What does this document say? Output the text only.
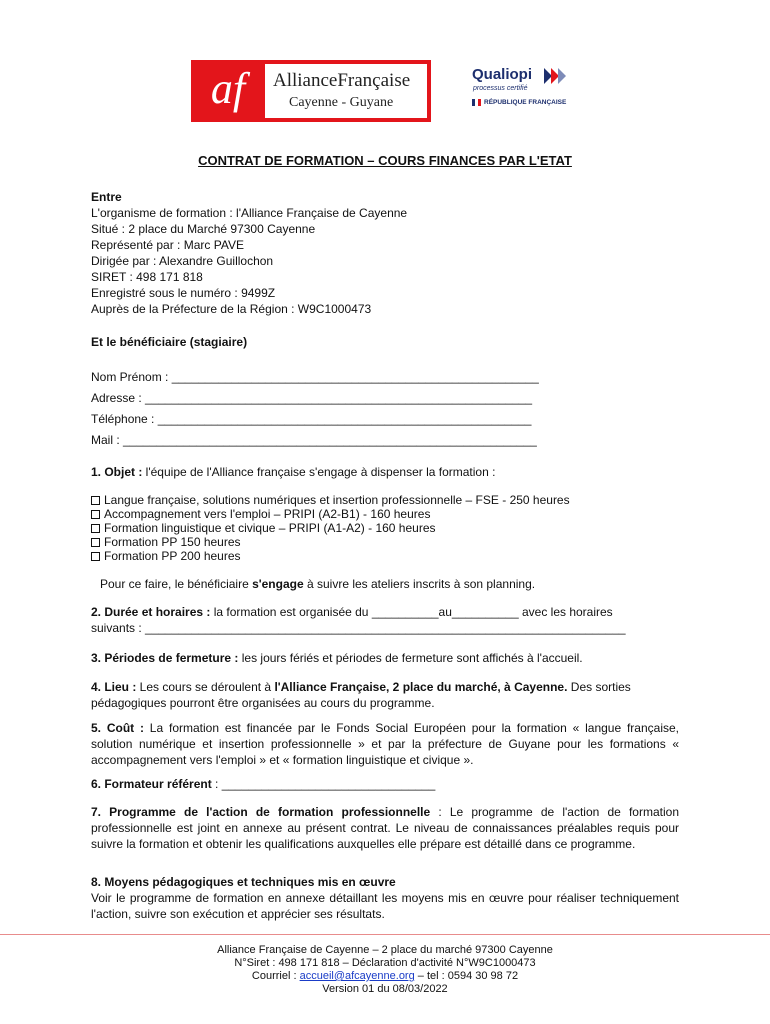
af	AllianceFrançaise
Cayenne - Guyane
Qualiopi
processus certifié
RÉPUBLIQUE FRANÇAISE
CONTRAT DE FORMATION – COURS FINANCES PAR L'ETAT
Entre
L'organisme de formation : l'Alliance Française de Cayenne
Situé : 2 place du Marché 97300 Cayenne
Représenté par : Marc PAVE
Dirigée par : Alexandre Guillochon
SIRET : 498 171 818
Enregistré sous le numéro : 9499Z
Auprès de la Préfecture de la Région : W9C1000473
Et le bénéficiaire (stagiaire)
Nom Prénom : _______________________________________________________
Adresse : __________________________________________________________
Téléphone : ________________________________________________________
Mail : ______________________________________________________________
1. Objet : l'équipe de l'Alliance française s'engage à dispenser la formation :
Langue française, solutions numériques et insertion professionnelle – FSE - 250 heures
Accompagnement vers l'emploi – PRIPI (A2-B1) - 160 heures
Formation linguistique et civique – PRIPI (A1-A2) - 160 heures
Formation PP 150 heures
Formation PP 200 heures
Pour ce faire, le bénéficiaire s'engage à suivre les ateliers inscrits à son planning.
2. Durée et horaires : la formation est organisée du __________au__________ avec les horaires
suivants : ________________________________________________________________________
3. Périodes de fermeture : les jours fériés et périodes de fermeture sont affichés à l'accueil.
4. Lieu : Les cours se déroulent à l'Alliance Française, 2 place du marché, à Cayenne. Des sorties pédagogiques pourront être organisées au cours du programme.
5. Coût : La formation est financée par le Fonds Social Européen pour la formation « langue française, solution numérique et insertion professionnelle » et par la préfecture de Guyane pour les formations « accompagnement vers l'emploi » et « formation linguistique et civique ».
6. Formateur référent : ________________________________
7. Programme de l'action de formation professionnelle : Le programme de l'action de formation professionnelle est joint en annexe au présent contrat. Le niveau de connaissances préalables requis pour suivre la formation et obtenir les qualifications auxquelles elle prépare est détaillé dans ce programme.
8. Moyens pédagogiques et techniques mis en œuvre
Voir le programme de formation en annexe détaillant les moyens mis en œuvre pour réaliser techniquement l'action, suivre son exécution et apprécier ses résultats.
Alliance Française de Cayenne – 2 place du marché 97300 Cayenne
N°Siret : 498 171 818 – Déclaration d'activité N°W9C1000473
Courriel : accueil@afcayenne.org – tel : 0594 30 98 72
Version 01 du 08/03/2022
